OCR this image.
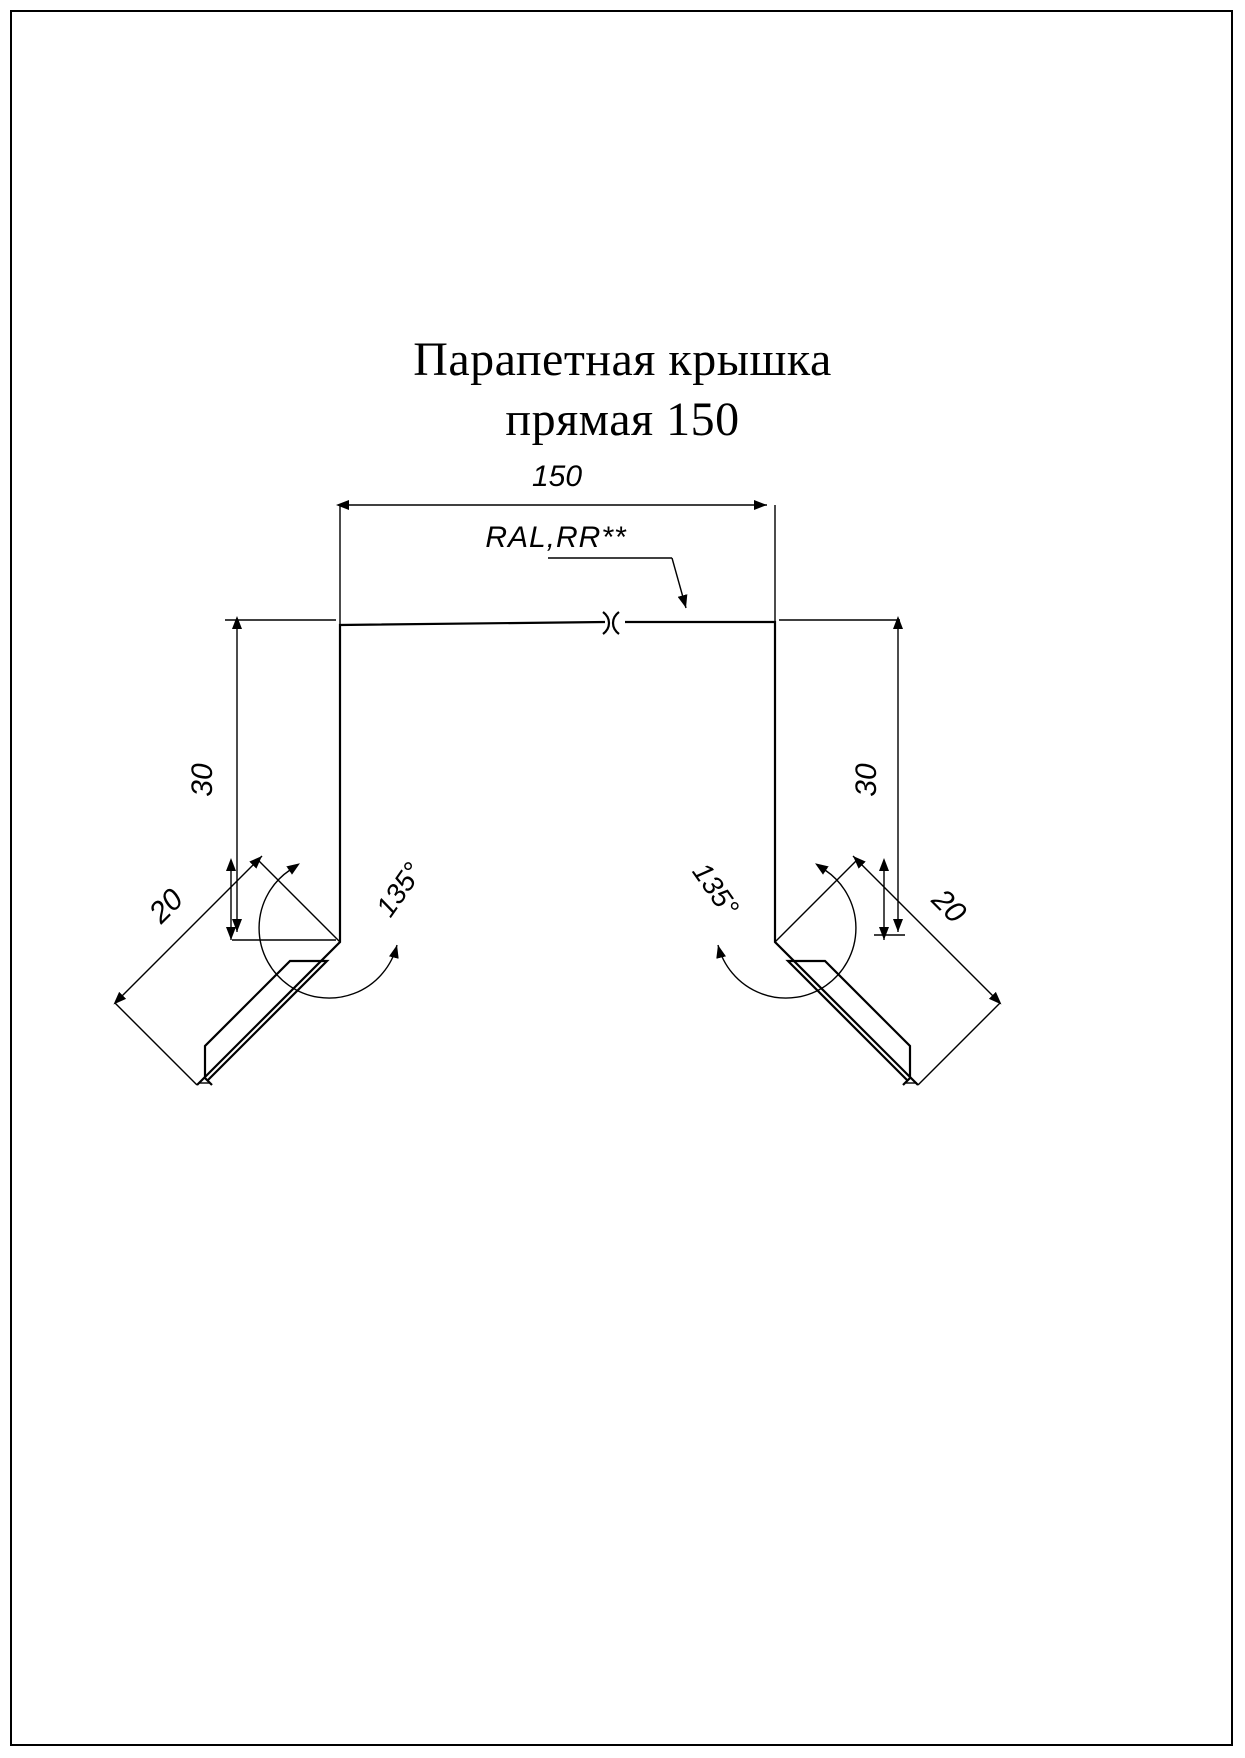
Парапетная крышка
прямая 150
150
RAL,RR**
30	30
20	20
135°	135°
